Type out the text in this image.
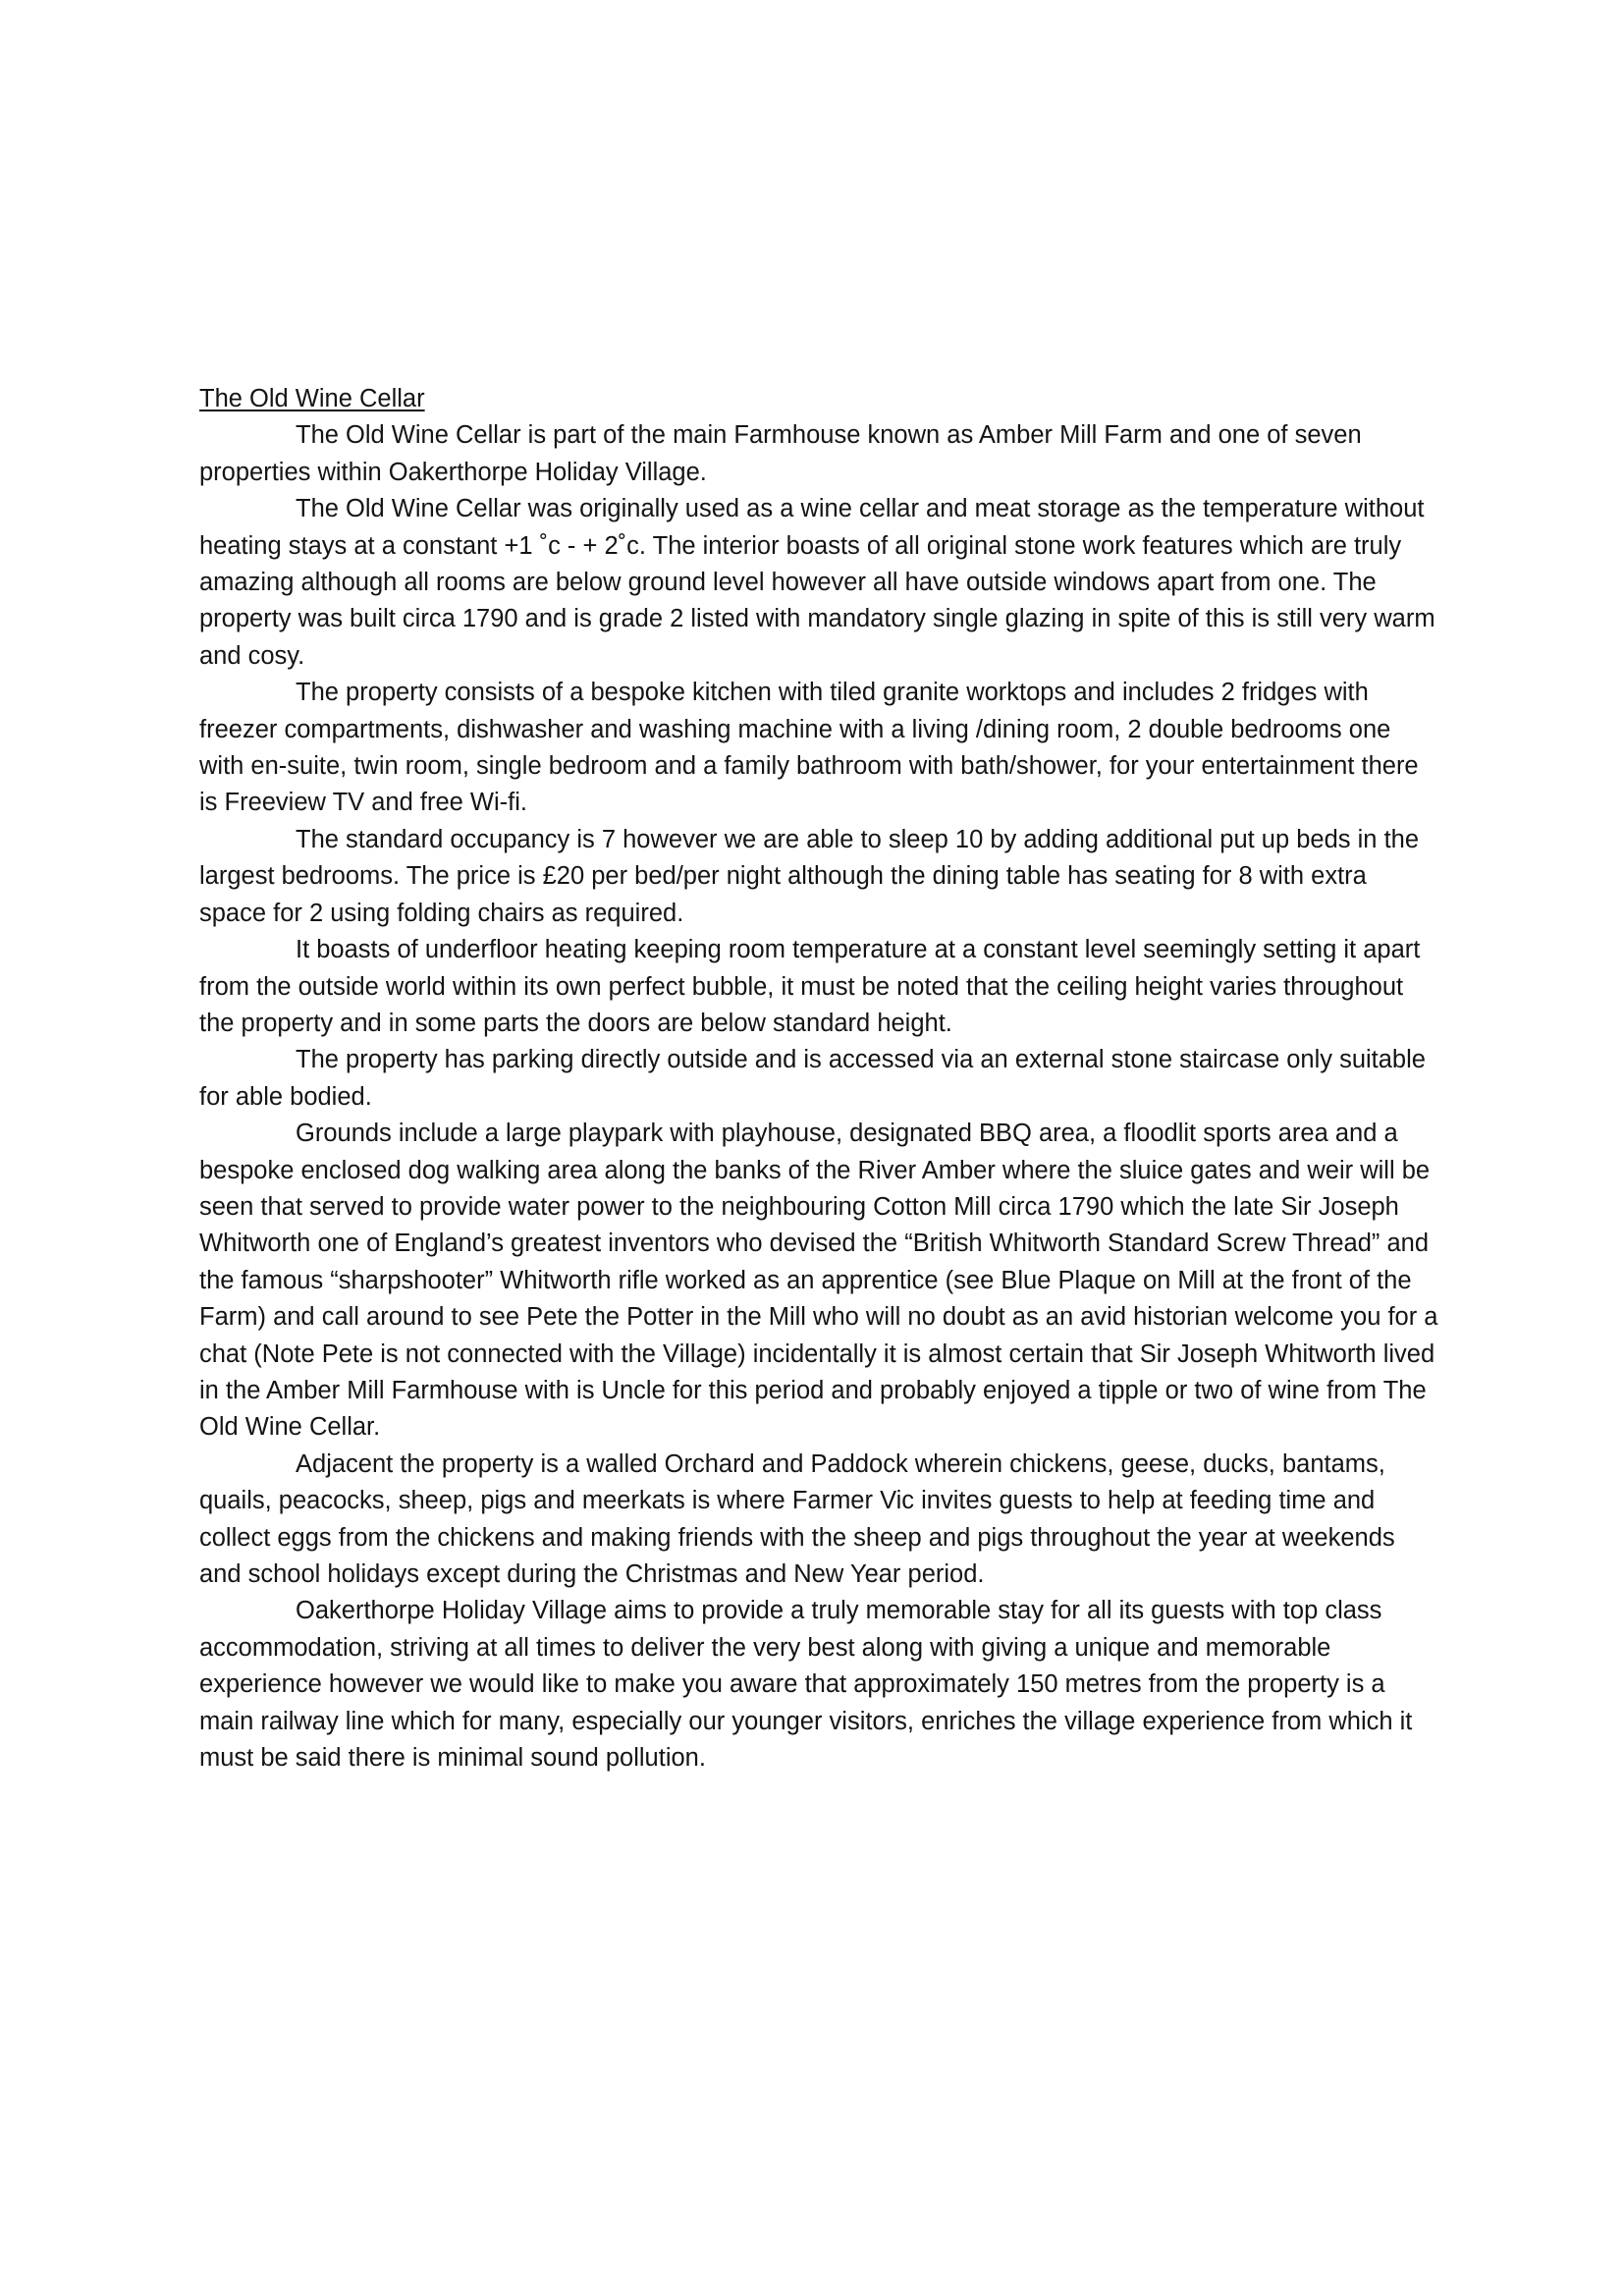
The Old Wine Cellar

The Old Wine Cellar is part of the main Farmhouse known as Amber Mill Farm and one of seven properties within Oakerthorpe Holiday Village.

The Old Wine Cellar was originally used as a wine cellar and meat storage as the temperature without heating stays at a constant +1 ˚c - + 2˚c. The interior boasts of all original stone work features which are truly amazing although all rooms are below ground level however all have outside windows apart from one. The property was built circa 1790 and is grade 2 listed with mandatory single glazing in spite of this is still very warm and cosy.

The property consists of a bespoke kitchen with tiled granite worktops and includes 2 fridges with freezer compartments, dishwasher and washing machine with a living /dining room, 2 double bedrooms one with en-suite, twin room, single bedroom and a family bathroom with bath/shower, for your entertainment there is Freeview TV and free Wi-fi.

The standard occupancy is 7 however we are able to sleep 10 by adding additional put up beds in the largest bedrooms. The price is £20 per bed/per night although the dining table has seating for 8 with extra space for 2 using folding chairs as required.

It boasts of underfloor heating keeping room temperature at a constant level seemingly setting it apart from the outside world within its own perfect bubble, it must be noted that the ceiling height varies throughout the property and in some parts the doors are below standard height.

The property has parking directly outside and is accessed via an external stone staircase only suitable for able bodied.

Grounds include a large playpark with playhouse, designated BBQ area, a floodlit sports area and a bespoke enclosed dog walking area along the banks of the River Amber where the sluice gates and weir will be seen that served to provide water power to the neighbouring Cotton Mill circa 1790 which the late Sir Joseph Whitworth one of England’s greatest inventors who devised the “British Whitworth Standard Screw Thread” and the famous “sharpshooter” Whitworth rifle worked as an apprentice (see Blue Plaque on Mill at the front of the Farm) and call around to see Pete the Potter in the Mill who will no doubt as an avid historian welcome you for a chat (Note Pete is not connected with the Village) incidentally it is almost certain that Sir Joseph Whitworth lived in the Amber Mill Farmhouse with is Uncle for this period and probably enjoyed a tipple or two of wine from The Old Wine Cellar.

Adjacent the property is a walled Orchard and Paddock wherein chickens, geese, ducks, bantams, quails, peacocks, sheep, pigs and meerkats is where Farmer Vic invites guests to help at feeding time and collect eggs from the chickens and making friends with the sheep and pigs throughout the year at weekends and school holidays except during the Christmas and New Year period.

Oakerthorpe Holiday Village aims to provide a truly memorable stay for all its guests with top class accommodation, striving at all times to deliver the very best along with giving a unique and memorable experience however we would like to make you aware that approximately 150 metres from the property is a main railway line which for many, especially our younger visitors, enriches the village experience from which it must be said there is minimal sound pollution.
